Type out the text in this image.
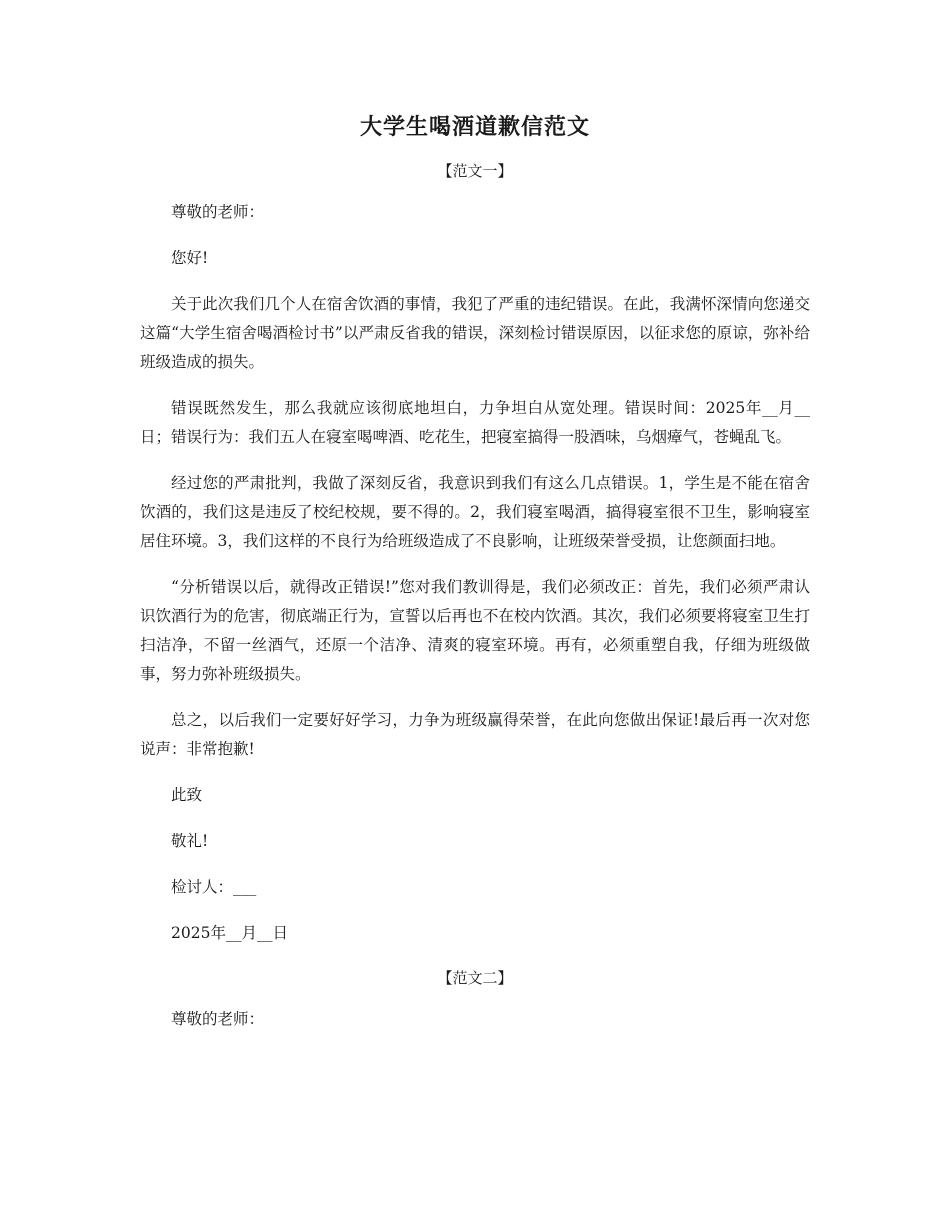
大学生喝酒道歉信范文
【范文一】

尊敬的老师：

您好!

关于此次我们几个人在宿舍饮酒的事情，我犯了严重的违纪错误。在此，我满怀深情向您递交这篇“大学生宿舍喝酒检讨书”以严肃反省我的错误，深刻检讨错误原因，以征求您的原谅，弥补给班级造成的损失。

错误既然发生，那么我就应该彻底地坦白，力争坦白从宽处理。错误时间：2025年__月__日；错误行为：我们五人在寝室喝啤酒、吃花生，把寝室搞得一股酒味，乌烟瘴气，苍蝇乱飞。

经过您的严肃批判，我做了深刻反省，我意识到我们有这么几点错误。1，学生是不能在宿舍饮酒的，我们这是违反了校纪校规，要不得的。2，我们寝室喝酒，搞得寝室很不卫生，影响寝室居住环境。3，我们这样的不良行为给班级造成了不良影响，让班级荣誉受损，让您颜面扫地。

“分析错误以后，就得改正错误!”您对我们教训得是，我们必须改正：首先，我们必须严肃认识饮酒行为的危害，彻底端正行为，宣誓以后再也不在校内饮酒。其次，我们必须要将寝室卫生打扫洁净，不留一丝酒气，还原一个洁净、清爽的寝室环境。再有，必须重塑自我，仔细为班级做事，努力弥补班级损失。

总之，以后我们一定要好好学习，力争为班级赢得荣誉，在此向您做出保证!最后再一次对您说声：非常抱歉!

此致

敬礼!

检讨人：___

2025年__月__日

【范文二】

尊敬的老师：
